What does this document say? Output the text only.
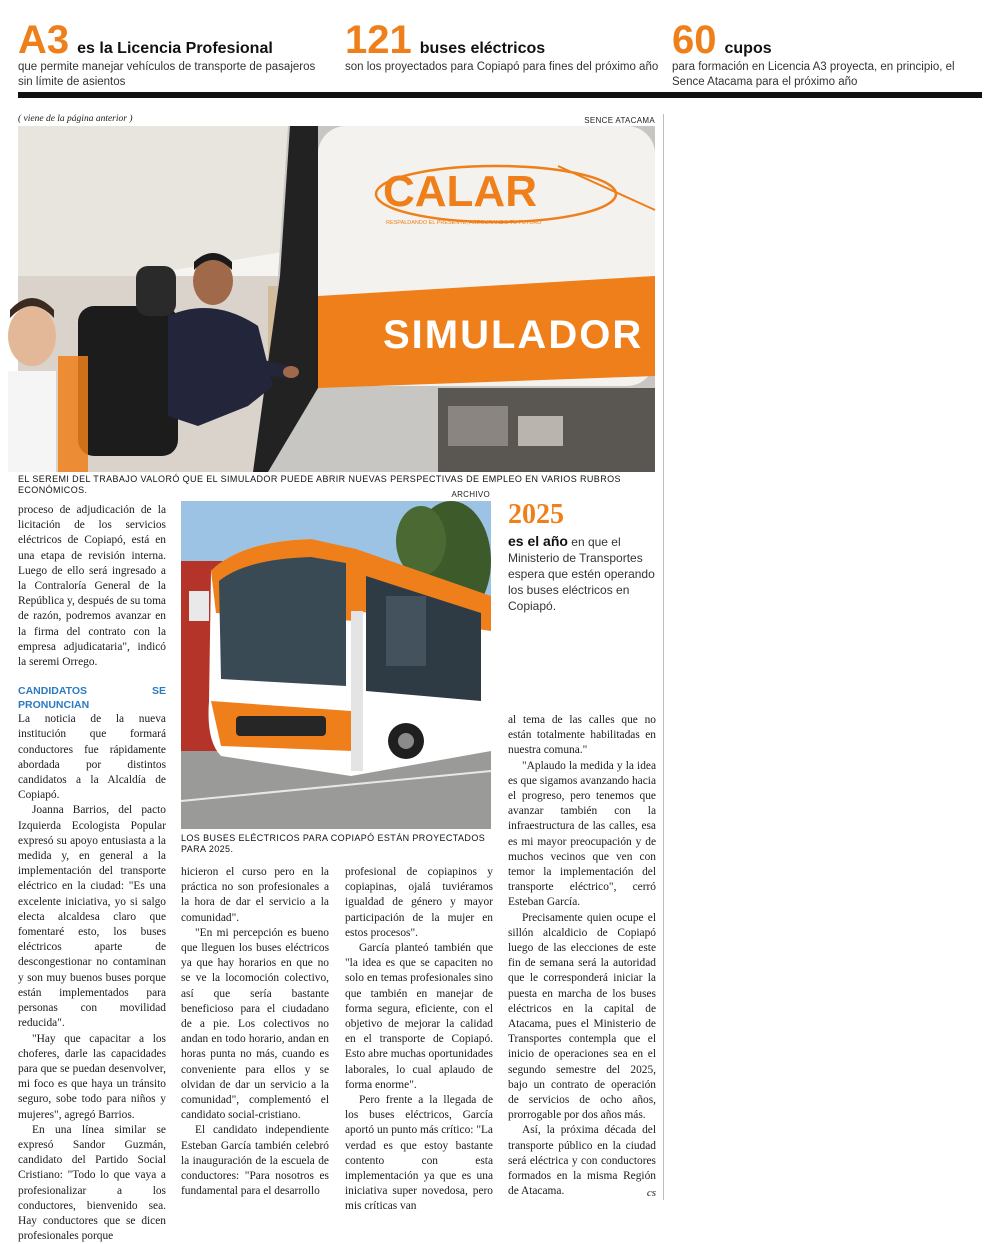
A3 es la Licencia Profesional
que permite manejar vehículos de transporte de pasajeros sin límite de asientos
121 buses eléctricos
son los proyectados para Copiapó para fines del próximo año
60 cupos
para formación en Licencia A3 proyecta, en principio, el Sence Atacama para el próximo año
( viene de la página anterior )	SENCE ATACAMA
SIMULADOR
CALAR
RESPALDANDO EL PRESENTE, ASEGURANDO TU FUTURO
EL SEREMI DEL TRABAJO VALORÓ QUE EL SIMULADOR PUEDE ABRIR NUEVAS PERSPECTIVAS DE EMPLEO EN VARIOS RUBROS ECONÓMICOS.	ARCHIVO
LOS BUSES ELÉCTRICOS PARA COPIAPÓ ESTÁN PROYECTADOS PARA 2025.
2025
es el año en que el Ministerio de Transportes espera que estén operando los buses eléctricos en Copiapó.

proceso de adjudicación de la licitación de los servicios eléctricos de Copiapó, está en una etapa de revisión interna. Luego de ello será ingresado a la Contraloría General de la República y, después de su toma de razón, podremos avanzar en la firma del contrato con la empresa adjudicataria", indicó la seremi Orrego.

CANDIDATOS SE PRONUNCIAN

La noticia de la nueva institución que formará conductores fue rápidamente abordada por distintos candidatos a la Alcaldía de Copiapó.

Joanna Barrios, del pacto Izquierda Ecologista Popular expresó su apoyo entusiasta a la medida y, en general a la implementación del transporte eléctrico en la ciudad: "Es una excelente iniciativa, yo si salgo electa alcaldesa claro que fomentaré esto, los buses eléctricos aparte de descongestionar no contaminan y son muy buenos buses porque están implementados para personas con movilidad reducida".

"Hay que capacitar a los choferes, darle las capacidades para que se puedan desenvolver, mi foco es que haya un tránsito seguro, sobe todo para niños y mujeres", agregó Barrios.

En una línea similar se expresó Sandor Guzmán, candidato del Partido Social Cristiano: "Todo lo que vaya a profesionalizar a los conductores, bienvenido sea. Hay conductores que se dicen profesionales porque

hicieron el curso pero en la práctica no son profesionales a la hora de dar el servicio a la comunidad".

"En mi percepción es bueno que lleguen los buses eléctricos ya que hay horarios en que no se ve la locomoción colectivo, así que sería bastante beneficioso para el ciudadano de a pie. Los colectivos no andan en todo horario, andan en horas punta no más, cuando es conveniente para ellos y se olvidan de dar un servicio a la comunidad", complementó el candidato social-cristiano.

El candidato independiente Esteban García también celebró la inauguración de la escuela de conductores: "Para nosotros es fundamental para el desarrollo

profesional de copiapinos y copiapinas, ojalá tuviéramos igualdad de género y mayor participación de la mujer en estos procesos".

García planteó también que "la idea es que se capaciten no solo en temas profesionales sino que también en manejar de forma segura, eficiente, con el objetivo de mejorar la calidad en el transporte de Copiapó. Esto abre muchas oportunidades laborales, lo cual aplaudo de forma enorme".

Pero frente a la llegada de los buses eléctricos, García aportó un punto más crítico: "La verdad es que estoy bastante contento con esta implementación ya que es una iniciativa super novedosa, pero mis críticas van

al tema de las calles que no están totalmente habilitadas en nuestra comuna."

"Aplaudo la medida y la idea es que sigamos avanzando hacia el progreso, pero tenemos que avanzar también con la infraestructura de las calles, esa es mi mayor preocupación y de muchos vecinos que ven con temor la implementación del transporte eléctrico", cerró Esteban García.

Precisamente quien ocupe el sillón alcaldicio de Copiapó luego de las elecciones de este fin de semana será la autoridad que le corresponderá iniciar la puesta en marcha de los buses eléctricos en la capital de Atacama, pues el Ministerio de Transportes contempla que el inicio de operaciones sea en el segundo semestre del 2025, bajo un contrato de operación de servicios de ocho años, prorrogable por dos años más.

Así, la próxima década del transporte público en la ciudad será eléctrica y con conductores formados en la misma Región de Atacama.	cs
